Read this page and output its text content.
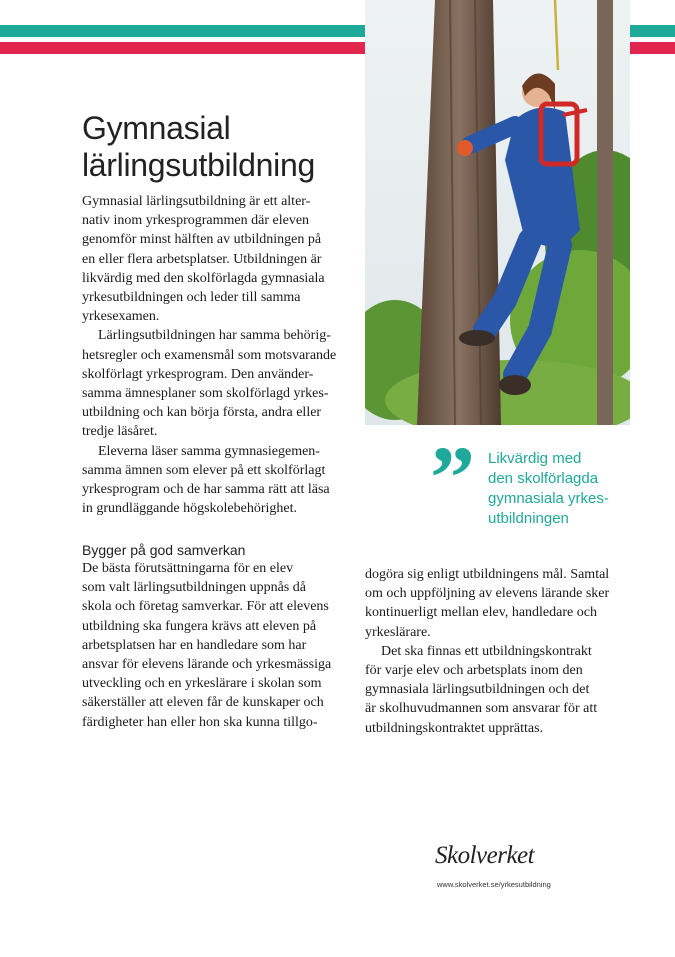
Gymnasial lärlingsutbildning
Gymnasial lärlingsutbildning är ett alter-
nativ inom yrkesprogrammen där eleven
genomför minst hälften av utbildningen på
en eller flera arbetsplatser. Utbildningen är
likvärdig med den skolförlagda gymnasiala
yrkesutbildningen och leder till samma
yrkesexamen.
Lärlingsutbildningen har samma behörig-
hetsregler och examensmål som motsvarande
skolförlagt yrkesprogram. Den använder-
samma ämnesplaner som skolförlagd yrkes-
utbildning och kan börja första, andra eller
tredje läsåret.
Eleverna läser samma gymnasiegemen-
samma ämnen som elever på ett skolförlagt
yrkesprogram och de har samma rätt att läsa
in grundläggande högskolebehörighet.	” Likvärdig med
den skolförlagda
gymnasiala yrkes-
utbildningen
Bygger på god samverkan
De bästa förutsättningarna för en elev
som valt lärlingsutbildningen uppnås då
skola och företag samverkar. För att elevens
utbildning ska fungera krävs att eleven på
arbetsplatsen har en handledare som har
ansvar för elevens lärande och yrkesmässiga
utveckling och en yrkeslärare i skolan som
säkerställer att eleven får de kunskaper och
färdigheter han eller hon ska kunna tillgo-
dogöra sig enligt utbildningens mål. Samtal
om och uppföljning av elevens lärande sker
kontinuerligt mellan elev, handledare och
yrkeslärare.
Det ska finnas ett utbildningskontrakt
för varje elev och arbetsplats inom den
gymnasiala lärlingsutbildningen och det
är skolhuvudmannen som ansvarar för att
utbildningskontraktet upprättas.
Skolverket
www.skolverket.se/yrkesutbildning
